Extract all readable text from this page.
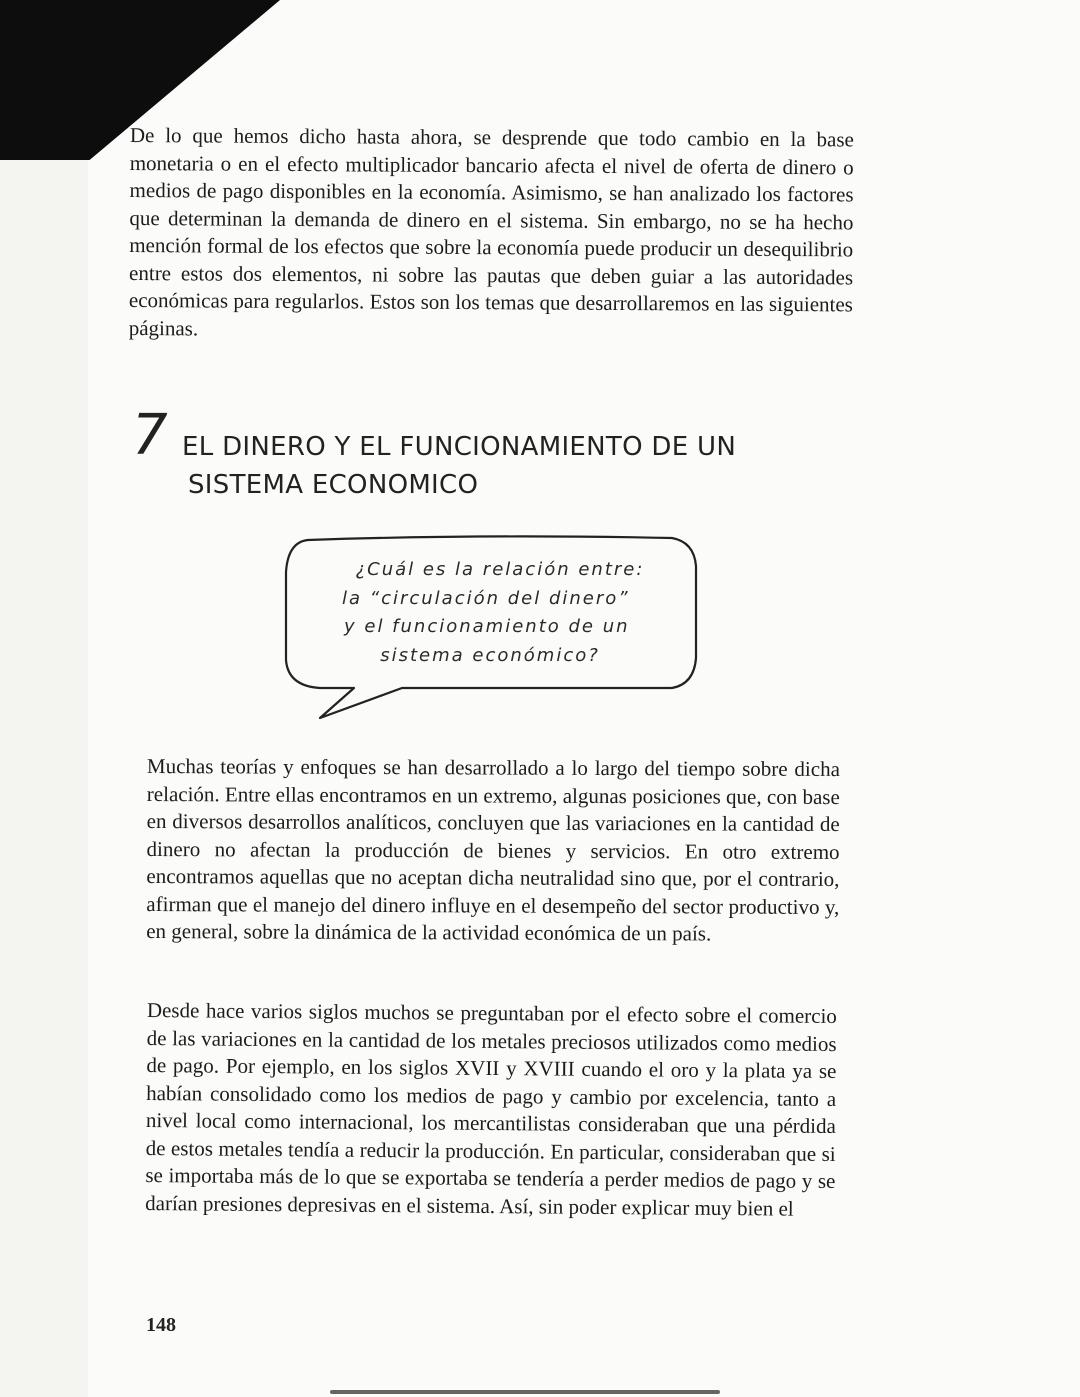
De lo que hemos dicho hasta ahora, se desprende que todo cambio en la base monetaria o en el efecto multiplicador bancario afecta el nivel de oferta de dinero o medios de pago disponibles en la economía. Asimismo, se han analizado los factores que determinan la demanda de dinero en el sistema. Sin embargo, no se ha hecho mención formal de los efectos que sobre la economía puede producir un desequilibrio entre estos dos elementos, ni sobre las pautas que deben guiar a las autoridades económicas para regularlos. Estos son los temas que desarrollaremos en las siguientes páginas.

7 EL DINERO Y EL FUNCIONAMIENTO DE UN
SISTEMA ECONOMICO

¿Cuál es la relación entre:
la “circulación del dinero”
y el funcionamiento de un
sistema económico?

Muchas teorías y enfoques se han desarrollado a lo largo del tiempo sobre dicha relación. Entre ellas encontramos en un extremo, algunas posiciones que, con base en diversos desarrollos analíticos, concluyen que las variaciones en la cantidad de dinero no afectan la producción de bienes y servicios. En otro extremo encontramos aquellas que no aceptan dicha neutralidad sino que, por el contrario, afirman que el manejo del dinero influye en el desempeño del sector productivo y, en general, sobre la dinámica de la actividad económica de un país.

Desde hace varios siglos muchos se preguntaban por el efecto sobre el comercio de las variaciones en la cantidad de los metales preciosos utilizados como medios de pago. Por ejemplo, en los siglos XVII y XVIII cuando el oro y la plata ya se habían consolidado como los medios de pago y cambio por excelencia, tanto a nivel local como internacional, los mercantilistas consideraban que una pérdida de estos metales tendía a reducir la producción. En particular, consideraban que si se importaba más de lo que se exportaba se tendería a perder medios de pago y se darían presiones depresivas en el sistema. Así, sin poder explicar muy bien el

148
